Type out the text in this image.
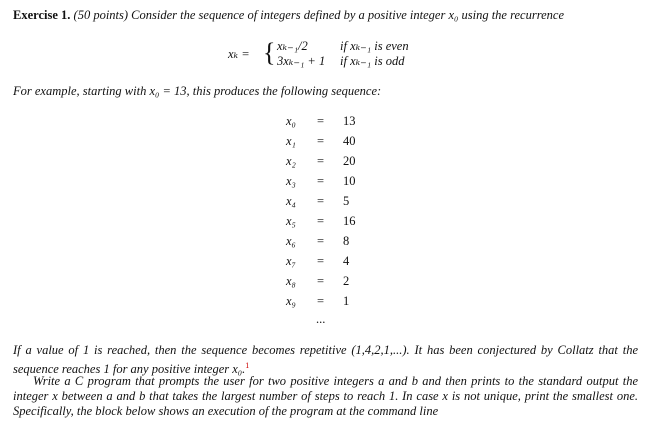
Exercise 1. (50 points) Consider the sequence of integers defined by a positive integer x₀ using the recurrence
xₖ = { xₖ₋₁/2	if xₖ₋₁ is even
3xₖ₋₁ + 1 if xₖ₋₁ is odd
For example, starting with x₀ = 13, this produces the following sequence:
x₀ = 13
x₁ = 40
x₂ = 20
x₃ = 10
x₄ = 5
x₅ = 16
x₆ = 8
x₇ = 4
x₈ = 2
x₉ = 1
...
If a value of 1 is reached, then the sequence becomes repetitive (1,4,2,1,...). It has been conjectured by Collatz that the sequence reaches 1 for any positive integer x₀.$^1$
Write a C program that prompts the user for two positive integers a and b and then prints to the standard output the integer x between a and b that takes the largest number of steps to reach 1. In case x is not unique, print the smallest one. Specifically, the block below shows an execution of the program at the command line
